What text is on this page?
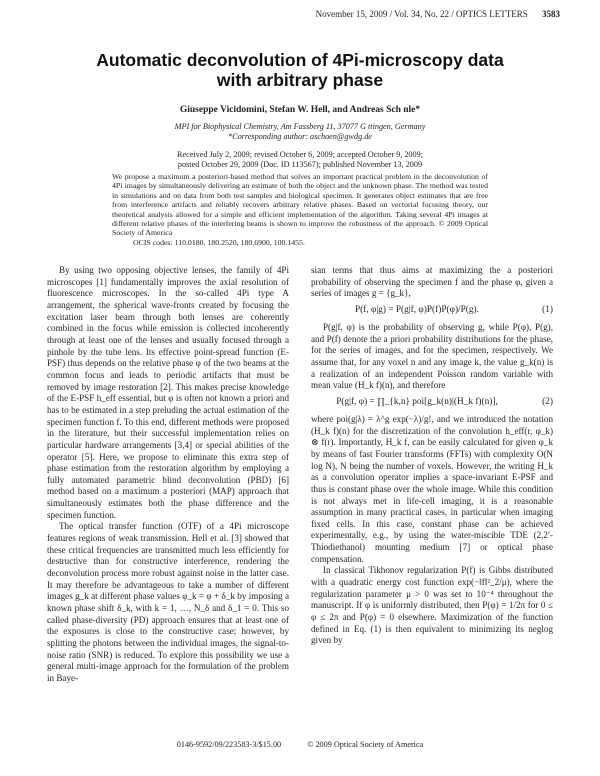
November 15, 2009 / Vol. 34, No. 22 / OPTICS LETTERS 3583
Automatic deconvolution of 4Pi-microscopy data
with arbitrary phase
Giuseppe Vicidomini, Stefan W. Hell, and Andreas Sch nle*
MPI for Biophysical Chemistry, Am Fassberg 11, 37077 G ttingen, Germany
*Corresponding author: aschoen@gwdg.de
Received July 2, 2009; revised October 6, 2009; accepted October 9, 2009;
posted October 29, 2009 (Doc. ID 113567); published November 13, 2009
We propose a maximum a posteriori-based method that solves an important practical problem in the deconvolution of 4Pi images by simultaneously delivering an estimate of both the object and the unknown phase. The method was tested in simulations and on data from both test samples and biological specimen. It generates object estimates that are free from interference artifacts and reliably recovers arbitrary relative phases. Based on vectorial focusing theory, our theoretical analysis allowed for a simple and efficient implementation of the algorithm. Taking several 4Pi images at different relative phases of the interfering beams is shown to improve the robustness of the approach. © 2009 Optical Society of America
OCIS codes: 110.0180, 180.2520, 180.6900, 100.1455.

By using two opposing objective lenses, the family of 4Pi microscopes [1] fundamentally improves the axial resolution of fluorescence microscopes. In the so-called 4Pi type A arrangement, the spherical wave-fronts created by focusing the excitation laser beam through both lenses are coherently combined in the focus while emission is collected incoherently through at least one of the lenses and usually focused through a pinhole by the tube lens. Its effective point-spread function (E-PSF) thus depends on the relative phase φ of the two beams at the common focus and leads to periodic artifacts that must be removed by image restoration [2]. This makes precise knowledge of the E-PSF h_eff essential, but φ is often not known a priori and has to be estimated in a step preluding the actual estimation of the specimen function f. To this end, different methods were proposed in the literature, but their successful implementation relies on particular hardware arrangements [3,4] or special abilities of the operator [5]. Here, we propose to eliminate this extra step of phase estimation from the restoration algorithm by employing a fully automated parametric blind deconvolution (PBD) [6] method based on a maximum a posteriori (MAP) approach that simultaneously estimates both the phase difference and the specimen function.

The optical transfer function (OTF) of a 4Pi microscope features regions of weak transmission. Hell et al. [3] showed that these critical frequencies are transmitted much less efficiently for destructive than for constructive interference, rendering the deconvolution process more robust against noise in the latter case. It may therefore be advantageous to take a number of different images g_k at different phase values φ_k = φ + δ_k by imposing a known phase shift δ_k, with k = 1, …, N_δ and δ_1 = 0. This so called phase-diversity (PD) approach ensures that at least one of the exposures is close to the constructive case; however, by splitting the photons between the individual images, the signal-to-noise ratio (SNR) is reduced. To explore this possibility we use a general multi-image approach for the formulation of the problem in Baye-

sian terms that thus aims at maximizing the a posteriori probability of observing the specimen f and the phase φ, given a series of images g = {g_k},

P(f, φ|g) = P(g|f, φ)P(f)P(φ)/P(g).	(1)

P(g|f, φ) is the probability of observing g, while P(φ), P(g), and P(f) denote the a priori probability distributions for the phase, for the series of images, and for the specimen, respectively. We assume that, for any voxel n and any image k, the value g_k(n) is a realization of an independent Poisson random variable with mean value (H_k f)(n), and therefore

P(g|f, φ) = ∏_{k,n} poi[g_k(n)|(H_k f)(n)],	(2)

where poi(g|λ) = λ^g exp(−λ)/g!, and we introduced the notation (H_k f)(n) for the discretization of the convolution h_eff(r, φ_k) ⊗ f(r). Importantly, H_k f, can be easily calculated for given φ_k by means of fast Fourier transforms (FFTs) with complexity O(N log N), N being the number of voxels. However, the writing H_k as a convolution operator implies a space-invariant E-PSF and thus is constant phase over the whole image. While this condition is not always met in life-cell imaging, it is a reasonable assumption in many practical cases, in particular when imaging fixed cells. In this case, constant phase can be achieved experimentally, e.g., by using the water-miscible TDE (2,2′-Thiodiethanol) mounting medium [7] or optical phase compensation.

In classical Tikhonov regularization P(f) is Gibbs distributed with a quadratic energy cost function exp(−‖f‖²_2/μ), where the regularization parameter μ > 0 was set to 10⁻⁴ throughout the manuscript. If φ is uniformly distributed, then P(φ) = 1/2π for 0 ≤ φ ≤ 2π and P(φ) = 0 elsewhere. Maximization of the function defined in Eq. (1) is then equivalent to minimizing its neglog given by

0146-9592/09/223583-3/$15.00	© 2009 Optical Society of America
